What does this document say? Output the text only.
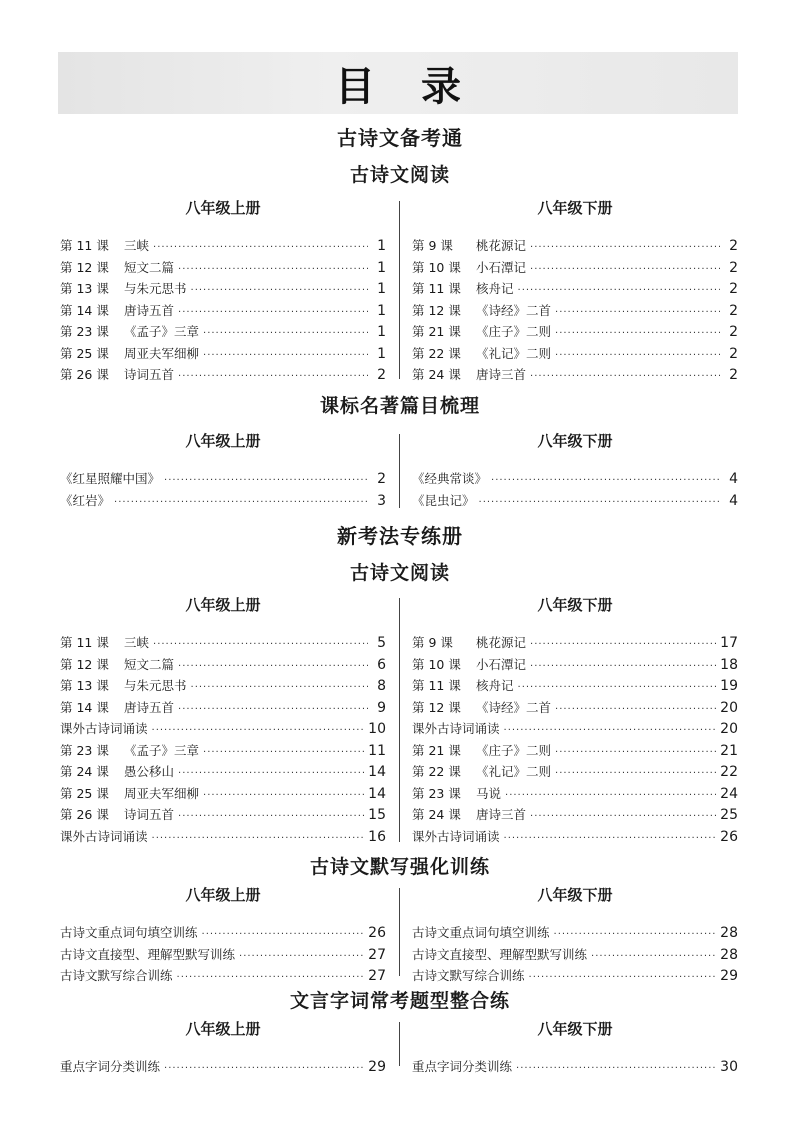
目录
古诗文备考通
古诗文阅读
八年级上册
第 11 课 三峡 ·····	1
第 12 课 短文二篇 ·····	1
第 13 课 与朱元思书 ·····	1
第 14 课 唐诗五首 ·····	1
第 23 课 《孟子》三章 ·····	1
第 25 课 周亚夫军细柳 ·····	1
第 26 课 诗词五首 ·····	2
八年级下册
第 9 课 桃花源记 ·····	2
第 10 课 小石潭记 ·····	2
第 11 课 核舟记 ·····	2
第 12 课 《诗经》二首 ·····	2
第 21 课 《庄子》二则 ·····	2
第 22 课 《礼记》二则 ·····	2
第 24 课 唐诗三首 ·····	2
课标名著篇目梳理
八年级上册
《红星照耀中国》 ·····	2
《红岩》 ·····	3
八年级下册
《经典常谈》 ·····	4
《昆虫记》 ·····	4
新考法专练册
古诗文阅读
八年级上册
第 11 课 三峡 ·····	5
第 12 课 短文二篇 ·····	6
第 13 课 与朱元思书 ·····	8
第 14 课 唐诗五首 ·····	9
课外古诗词诵读 ·····	10
第 23 课 《孟子》三章 ·····	11
第 24 课 愚公移山 ·····	14
第 25 课 周亚夫军细柳 ·····	14
第 26 课 诗词五首 ·····	15
课外古诗词诵读 ·····	16
八年级下册
第 9 课 桃花源记 ·····	17
第 10 课 小石潭记 ·····	18
第 11 课 核舟记 ·····	19
第 12 课 《诗经》二首 ·····	20
课外古诗词诵读 ·····	20
第 21 课 《庄子》二则 ·····	21
第 22 课 《礼记》二则 ·····	22
第 23 课 马说 ·····	24
第 24 课 唐诗三首 ·····	25
课外古诗词诵读 ·····	26
古诗文默写强化训练
八年级上册
古诗文重点词句填空训练 ·····	26
古诗文直接型、理解型默写训练 ·····	27
古诗文默写综合训练 ·····	27
八年级下册
古诗文重点词句填空训练 ·····	28
古诗文直接型、理解型默写训练 ·····	28
古诗文默写综合训练 ·····	29
文言字词常考题型整合练
八年级上册
重点字词分类训练 ·····	29
八年级下册
重点字词分类训练 ·····	30
